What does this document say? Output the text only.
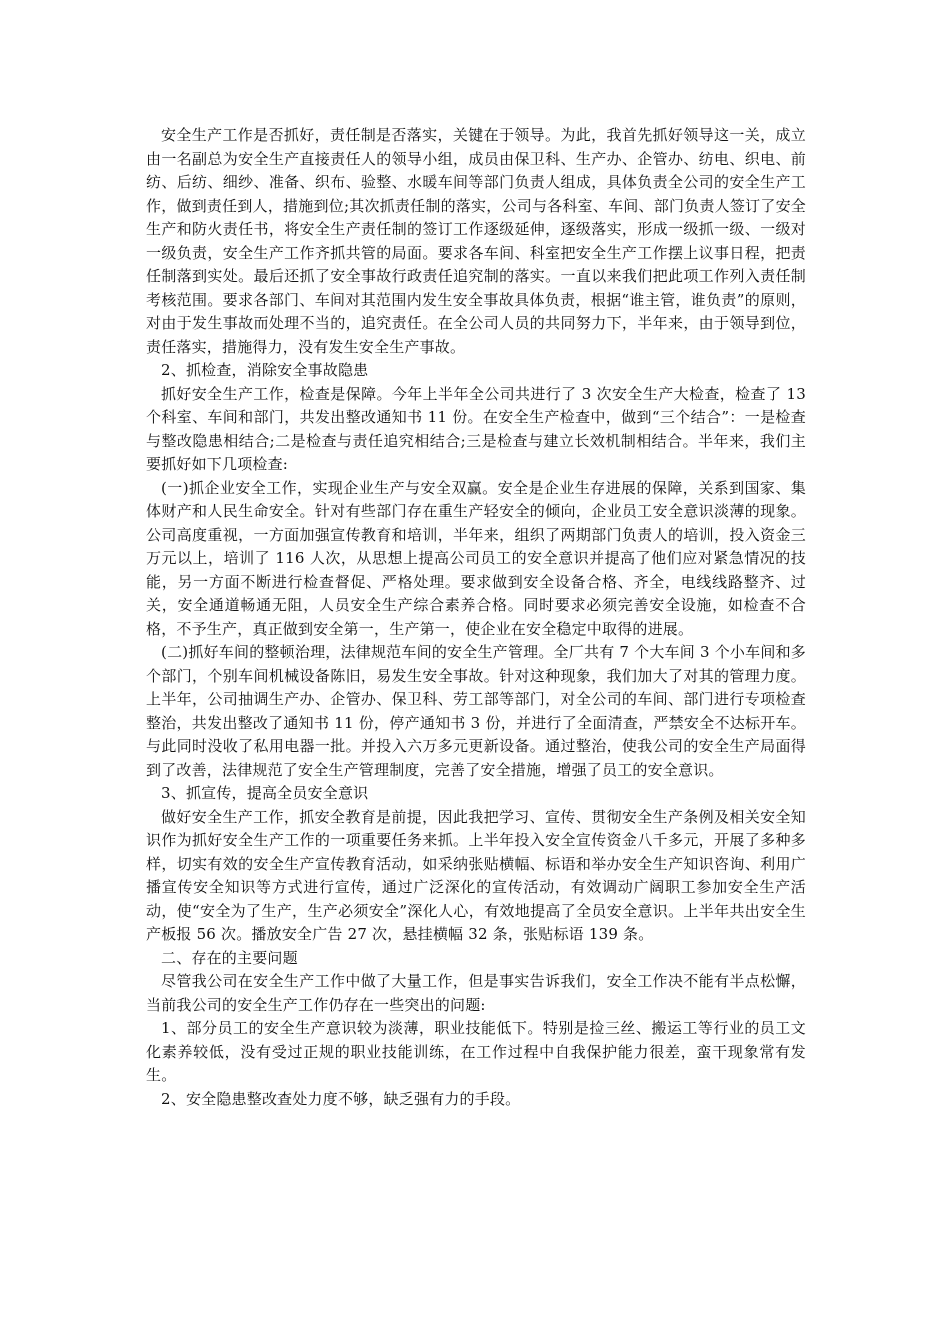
安全生产工作是否抓好，责任制是否落实，关键在于领导。为此，我首先抓好领导这一关，成立由一名副总为安全生产直接责任人的领导小组，成员由保卫科、生产办、企管办、纺电、织电、前纺、后纺、细纱、准备、织布、验整、水暖车间等部门负责人组成，具体负责全公司的安全生产工作，做到责任到人，措施到位;其次抓责任制的落实，公司与各科室、车间、部门负责人签订了安全生产和防火责任书，将安全生产责任制的签订工作逐级延伸，逐级落实，形成一级抓一级、一级对一级负责，安全生产工作齐抓共管的局面。要求各车间、科室把安全生产工作摆上议事日程，把责任制落到实处。最后还抓了安全事故行政责任追究制的落实。一直以来我们把此项工作列入责任制考核范围。要求各部门、车间对其范围内发生安全事故具体负责，根据“谁主管，谁负责”的原则，对由于发生事故而处理不当的，追究责任。在全公司人员的共同努力下，半年来，由于领导到位，责任落实，措施得力，没有发生安全生产事故。

2、抓检查，消除安全事故隐患

抓好安全生产工作，检查是保障。今年上半年全公司共进行了 3 次安全生产大检查，检查了 13 个科室、车间和部门，共发出整改通知书 11 份。在安全生产检查中，做到“三个结合”：一是检查与整改隐患相结合;二是检查与责任追究相结合;三是检查与建立长效机制相结合。半年来，我们主要抓好如下几项检查:

(一)抓企业安全工作，实现企业生产与安全双赢。安全是企业生存进展的保障，关系到国家、集体财产和人民生命安全。针对有些部门存在重生产轻安全的倾向，企业员工安全意识淡薄的现象。公司高度重视，一方面加强宣传教育和培训，半年来，组织了两期部门负责人的培训，投入资金三万元以上，培训了 116 人次，从思想上提高公司员工的安全意识并提高了他们应对紧急情况的技能，另一方面不断进行检查督促、严格处理。要求做到安全设备合格、齐全，电线线路整齐、过关，安全通道畅通无阻，人员安全生产综合素养合格。同时要求必须完善安全设施，如检查不合格，不予生产，真正做到安全第一，生产第一，使企业在安全稳定中取得的进展。

(二)抓好车间的整顿治理，法律规范车间的安全生产管理。全厂共有 7 个大车间 3 个小车间和多个部门，个别车间机械设备陈旧，易发生安全事故。针对这种现象，我们加大了对其的管理力度。上半年，公司抽调生产办、企管办、保卫科、劳工部等部门，对全公司的车间、部门进行专项检查整治，共发出整改了通知书 11 份，停产通知书 3 份，并进行了全面清查，严禁安全不达标开车。与此同时没收了私用电器一批。并投入六万多元更新设备。通过整治，使我公司的安全生产局面得到了改善，法律规范了安全生产管理制度，完善了安全措施，增强了员工的安全意识。

3、抓宣传，提高全员安全意识

做好安全生产工作，抓安全教育是前提，因此我把学习、宣传、贯彻安全生产条例及相关安全知识作为抓好安全生产工作的一项重要任务来抓。上半年投入安全宣传资金八千多元，开展了多种多样，切实有效的安全生产宣传教育活动，如采纳张贴横幅、标语和举办安全生产知识咨询、利用广播宣传安全知识等方式进行宣传，通过广泛深化的宣传活动，有效调动广阔职工参加安全生产活动，使“安全为了生产，生产必须安全”深化人心，有效地提高了全员安全意识。上半年共出安全生产板报 56 次。播放安全广告 27 次，悬挂横幅 32 条，张贴标语 139 条。

二、存在的主要问题

尽管我公司在安全生产工作中做了大量工作，但是事实告诉我们，安全工作决不能有半点松懈，当前我公司的安全生产工作仍存在一些突出的问题:

1、部分员工的安全生产意识较为淡薄，职业技能低下。特别是捡三丝、搬运工等行业的员工文化素养较低，没有受过正规的职业技能训练，在工作过程中自我保护能力很差，蛮干现象常有发生。

2、安全隐患整改查处力度不够，缺乏强有力的手段。
